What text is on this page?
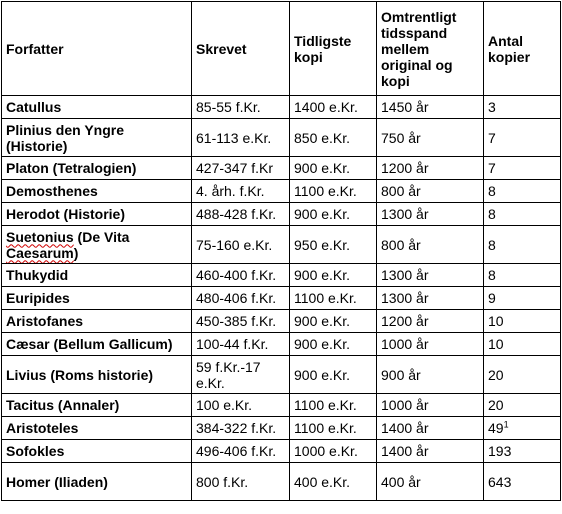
Forfatter	Skrevet	Tidligste kopi	Omtrentligt tidsspand mellem original og kopi	Antal kopier
Catullus	85-55 f.Kr.	1400 e.Kr.	1450 år	3
Plinius den Yngre (Historie)	61-113 e.Kr.	850 e.Kr.	750 år	7
Platon (Tetralogien)	427-347 f.Kr	900 e.Kr.	1200 år	7
Demosthenes	4. årh. f.Kr.	1100 e.Kr.	800 år	8
Herodot (Historie)	488-428 f.Kr.	900 e.Kr.	1300 år	8
Suetonius (De Vita Caesarum)	75-160 e.Kr.	950 e.Kr.	800 år	8
Thukydid	460-400 f.Kr.	900 e.Kr.	1300 år	8
Euripides	480-406 f.Kr.	1100 e.Kr.	1300 år	9
Aristofanes	450-385 f.Kr.	900 e.Kr.	1200 år	10
Cæsar (Bellum Gallicum)	100-44 f.Kr.	900 e.Kr.	1000 år	10
Livius (Roms historie)	59 f.Kr.-17 e.Kr.	900 e.Kr.	900 år	20
Tacitus (Annaler)	100 e.Kr.	1100 e.Kr.	1000 år	20
Aristoteles	384-322 f.Kr.	1100 e.Kr.	1400 år	$49^1$
Sofokles	496-406 f.Kr.	1000 e.Kr.	1400 år	193
Homer (Iliaden)	800 f.Kr.	400 e.Kr.	400 år	643
